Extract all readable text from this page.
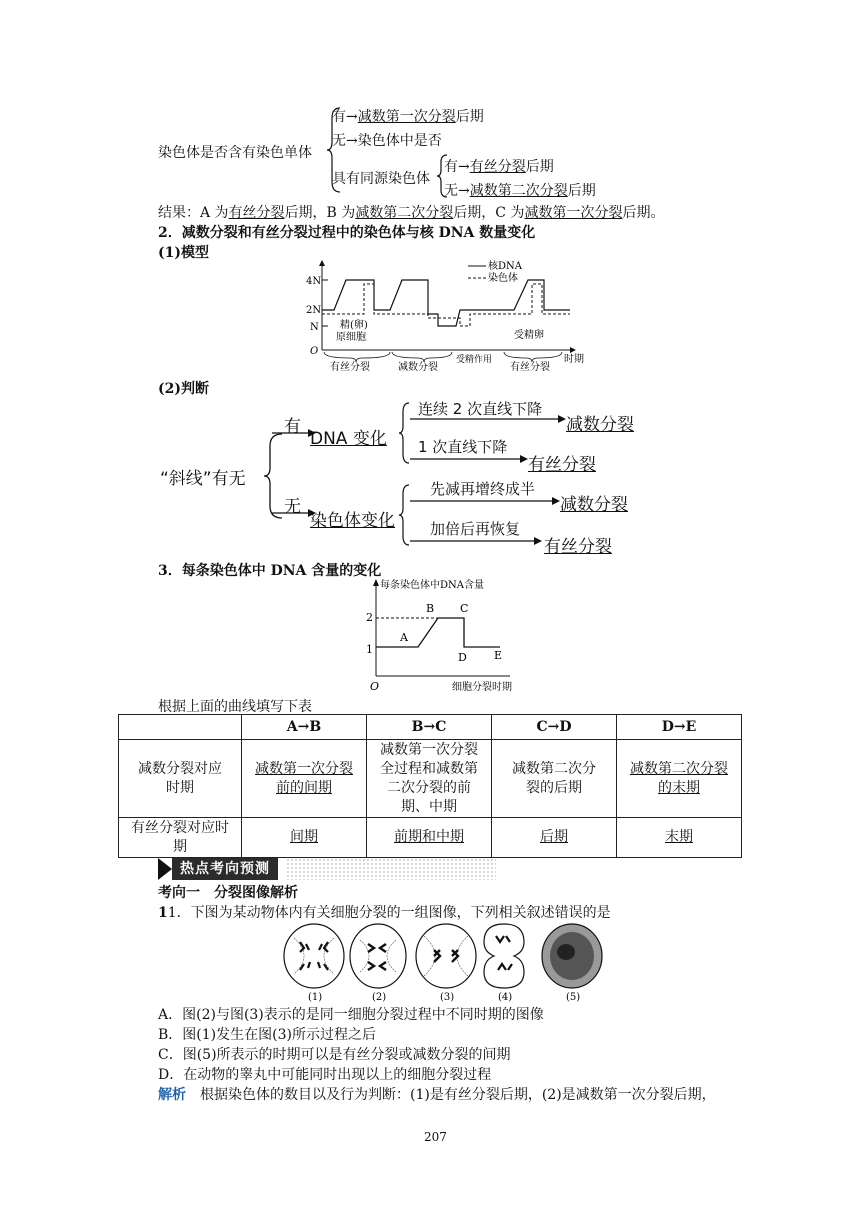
染色体是否含有染色单体
有→减数第一次分裂后期
无→染色体中是否
具有同源染色体
有→有丝分裂后期
无→减数第二次分裂后期
结果：A 为有丝分裂后期，B 为减数第二次分裂后期，C 为减数第一次分裂后期。
2．减数分裂和有丝分裂过程中的染色体与核 DNA 数量变化
(1)模型
4N
2N
N
O
核DNA
染色体
精(卵)
原细胞	受精卵
有丝分裂	减数分裂
受精作用
有丝分裂
时期
(2)判断
“斜线”有无
有
DNA 变化
无
染色体变化
连续 2 次直线下降
减数分裂
1 次直线下降
有丝分裂
先减再增终成半
减数分裂
加倍后再恢复
有丝分裂
3．每条染色体中 DNA 含量的变化
每条染色体中DNA含量
细胞分裂时期
O
2
1
A
B C
D E
根据上面的曲线填写下表
	A→B	B→C	C→D	D→E
减数分裂对应时期	减数第一次分裂前的间期	减数第一次分裂全过程和减数第二次分裂的前期、中期	减数第二次分裂的后期	减数第二次分裂的末期
有丝分裂对应时期	间期	前期和中期	后期	末期
热点考向预测
考向一　分裂图像解析
11．下图为某动物体内有关细胞分裂的一组图像，下列相关叙述错误的是
(1)	(2)	(3)	(4)	(5)
A．图(2)与图(3)表示的是同一细胞分裂过程中不同时期的图像
B．图(1)发生在图(3)所示过程之后
C．图(5)所表示的时期可以是有丝分裂或减数分裂的间期
D．在动物的睾丸中可能同时出现以上的细胞分裂过程
解析　根据染色体的数目以及行为判断：(1)是有丝分裂后期，(2)是减数第一次分裂后期，
207
